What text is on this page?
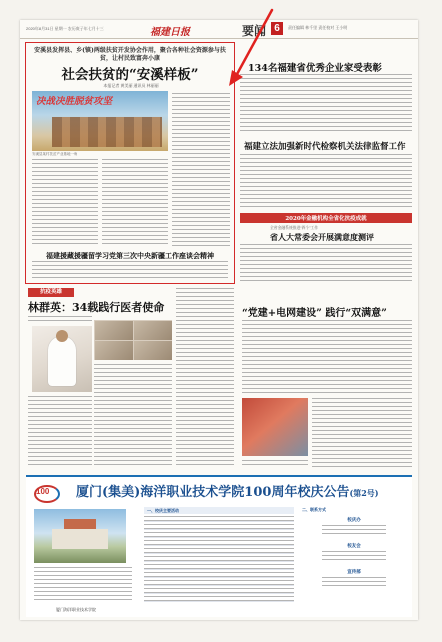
2020年8月31日 星期一 农历庚子年七月十三	福建日报	要闻 6	责任编辑 林千里 责任校对 王小明
安溪县发挥县、乡(镇)两级扶贫开发协会作用，聚合各种社会资源参与扶贫，让村民致富奔小康
社会扶贫的“安溪样板”
本报记者 黄美丽 通讯员 林丽丽
决战决胜脱贫攻坚
安溪县某村扶贫产业基地一角
福建援藏援疆留学习党第三次中央新疆工作座谈会精神
134名福建省优秀企业家受表彰
福建立法加强新时代检察机关法律监督工作
2020年金融机构全省化抗疫成就
全省金融系统推进“四个”工作
省人大常委会开展满意度测评
抗疫英雄
林群英：34载践行医者使命	“党建+电网建设” 践行“双满意”
100 厦门(集美)海洋职业技术学院100周年校庆公告(第2号)
一、校庆主要活动	二、联系方式
校庆办
校友会
宣传部
厦门海洋职业技术学院
